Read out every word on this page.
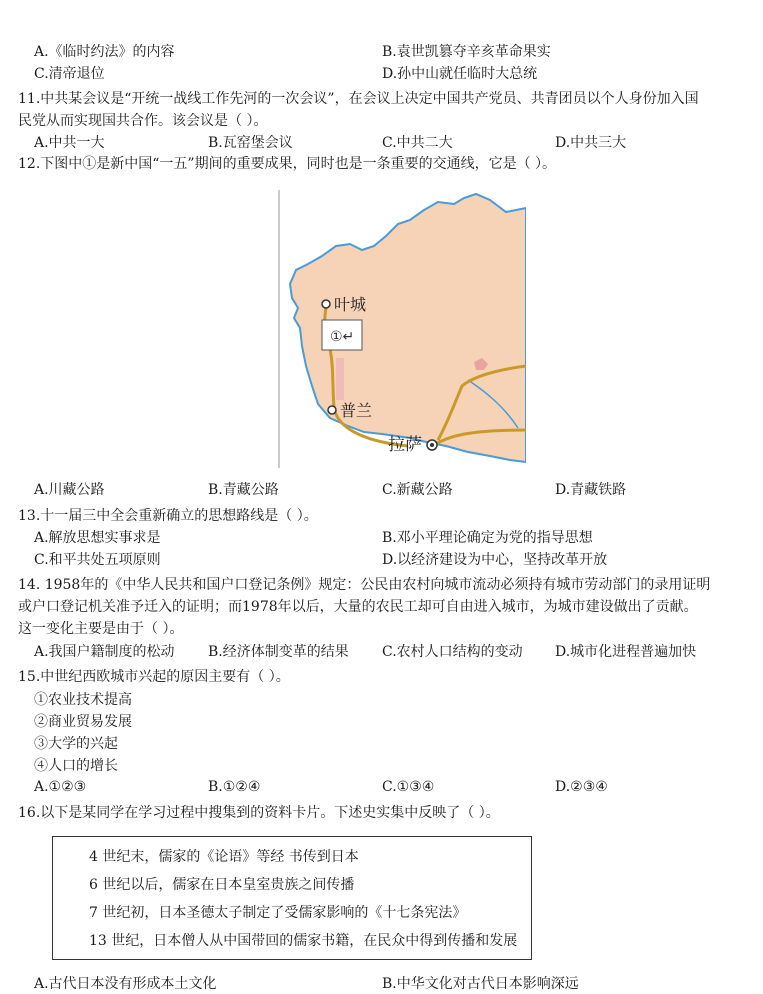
A.《临时约法》的内容	B.袁世凯篡夺辛亥革命果实
C.清帝退位	D.孙中山就任临时大总统
11.中共某会议是“开统一战线工作先河的一次会议”，在会议上决定中国共产党员、共青团员以个人身份加入国
民党从而实现国共合作。该会议是（ ）。
A.中共一大	B.瓦窑堡会议	C.中共二大	D.中共三大
12.下图中①是新中国“一五”期间的重要成果，同时也是一条重要的交通线，它是（ ）。
叶城
①↵
普兰
拉萨
A.川藏公路	B.青藏公路	C.新藏公路	D.青藏铁路
13.十一届三中全会重新确立的思想路线是（ ）。
A.解放思想实事求是	B.邓小平理论确定为党的指导思想
C.和平共处五项原则	D.以经济建设为中心，坚持改革开放
14. 1958年的《中华人民共和国户口登记条例》规定：公民由农村向城市流动必须持有城市劳动部门的录用证明
或户口登记机关准予迁入的证明；而1978年以后，大量的农民工却可自由进入城市，为城市建设做出了贡献。
这一变化主要是由于（ ）。
A.我国户籍制度的松动 B.经济体制变革的结果 C.农村人口结构的变动 D.城市化进程普遍加快
15.中世纪西欧城市兴起的原因主要有（ ）。
①农业技术提高
②商业贸易发展
③大学的兴起
④人口的增长
A.①②③	B.①②④	C.①③④	D.②③④
16.以下是某同学在学习过程中搜集到的资料卡片。下述史实集中反映了（ ）。
4 世纪末，儒家的《论语》等经 书传到日本
6 世纪以后，儒家在日本皇室贵族之间传播
7 世纪初，日本圣德太子制定了受儒家影响的《十七条宪法》
13 世纪，日本僧人从中国带回的儒家书籍，在民众中得到传播和发展
A.古代日本没有形成本土文化	B.中华文化对古代日本影响深远
